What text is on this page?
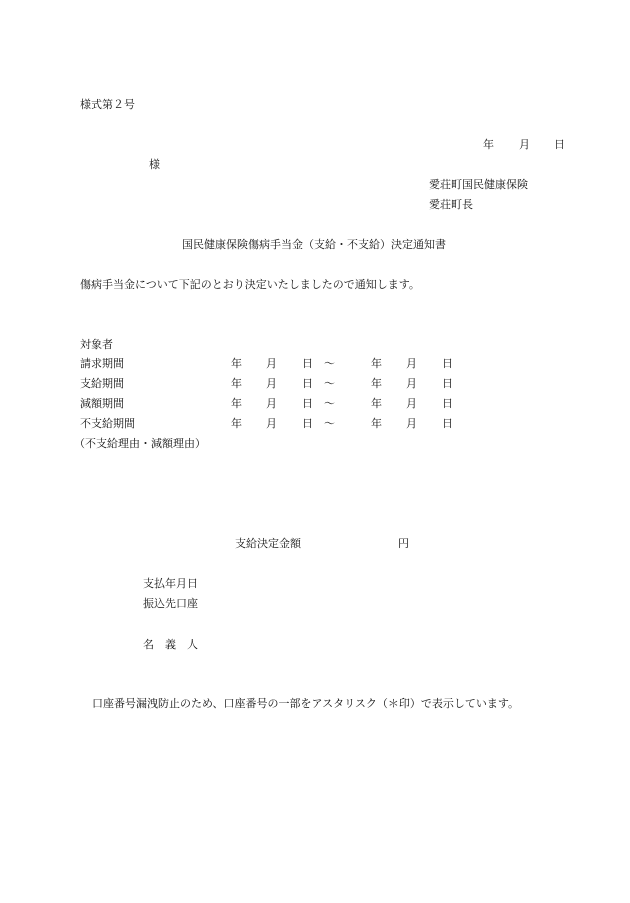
様式第２号
年 月 日
様
愛荘町国民健康保険
愛荘町長
国民健康保険傷病手当金（支給・不支給）決定通知書
傷病手当金について下記のとおり決定いたしましたので通知します。
対象者
請求期間	年 月 日 ～	年 月 日
支給期間	年 月 日 ～	年 月 日
減額期間	年 月 日 ～	年 月 日
不支給期間	年 月 日 ～	年 月 日
（不支給理由・減額理由）
支給決定金額	円
支払年月日
振込先口座
名　義　人
口座番号漏洩防止のため、口座番号の一部をアスタリスク（＊印）で表示しています。
